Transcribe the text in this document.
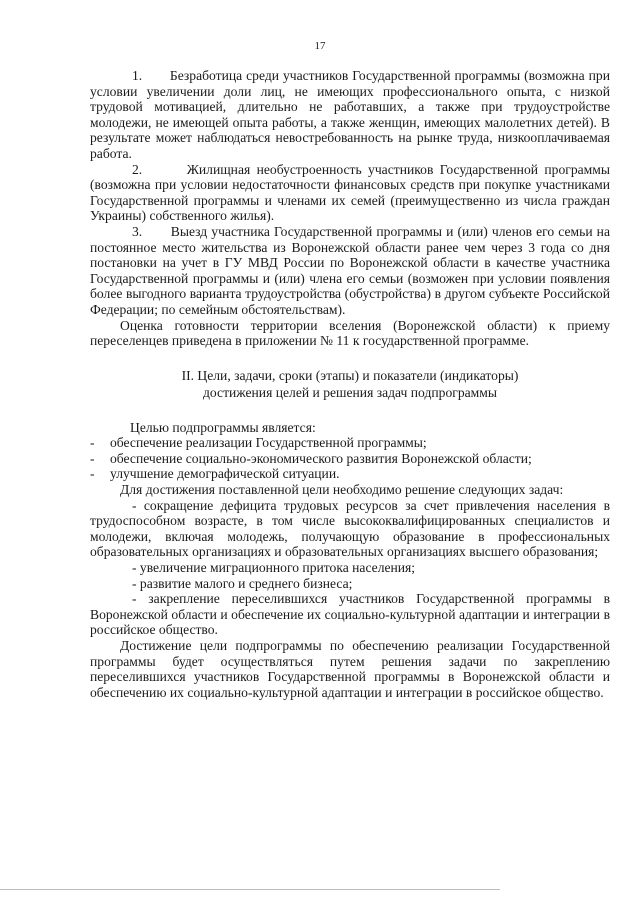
17

1. Безработица среди участников Государственной программы (возможна при условии увеличении доли лиц, не имеющих профессионального опыта, с низкой трудовой мотивацией, длительно не работавших, а также при трудоустройстве молодежи, не имеющей опыта работы, а также женщин, имеющих малолетних детей). В результате может наблюдаться невостребованность на рынке труда, низкооплачиваемая работа.

2.	Жилищная необустроенность участников Государственной программы (возможна при условии недостаточности финансовых средств при покупке участниками Государственной программы и членами их семей (преимущественно из числа граждан Украины) собственного жилья).

3. Выезд участника Государственной программы и (или) членов его семьи на постоянное место жительства из Воронежской области ранее чем через 3 года со дня постановки на учет в ГУ МВД России по Воронежской области в качестве участника Государственной программы и (или) члена его семьи (возможен при условии появления более выгодного варианта трудоустройства (обустройства) в другом субъекте Российской Федерации; по семейным обстоятельствам).

Оценка готовности территории вселения (Воронежской области) к приему переселенцев приведена в приложении № 11 к государственной программе.

II. Цели, задачи, сроки (этапы) и показатели (индикаторы)
достижения целей и решения задач подпрограммы

Целью подпрограммы является:

- обеспечение реализации Государственной программы;
- обеспечение социально-экономического развития Воронежской области;
- улучшение демографической ситуации.

Для достижения поставленной цели необходимо решение следующих задач:

- сокращение дефицита трудовых ресурсов за счет привлечения населения в трудоспособном возрасте, в том числе высококвалифицированных специалистов и молодежи, включая молодежь, получающую образование в профессиональных образовательных организациях и образовательных организациях высшего образования;

- увеличение миграционного притока населения;

- развитие малого и среднего бизнеса;

- закрепление переселившихся участников Государственной программы в Воронежской области и обеспечение их социально-культурной адаптации и интеграции в российское общество.

Достижение цели подпрограммы по обеспечению реализации Государственной программы будет осуществляться путем решения задачи по закреплению переселившихся участников Государственной программы в Воронежской области и обеспечению их социально-культурной адаптации и интеграции в российское общество.
